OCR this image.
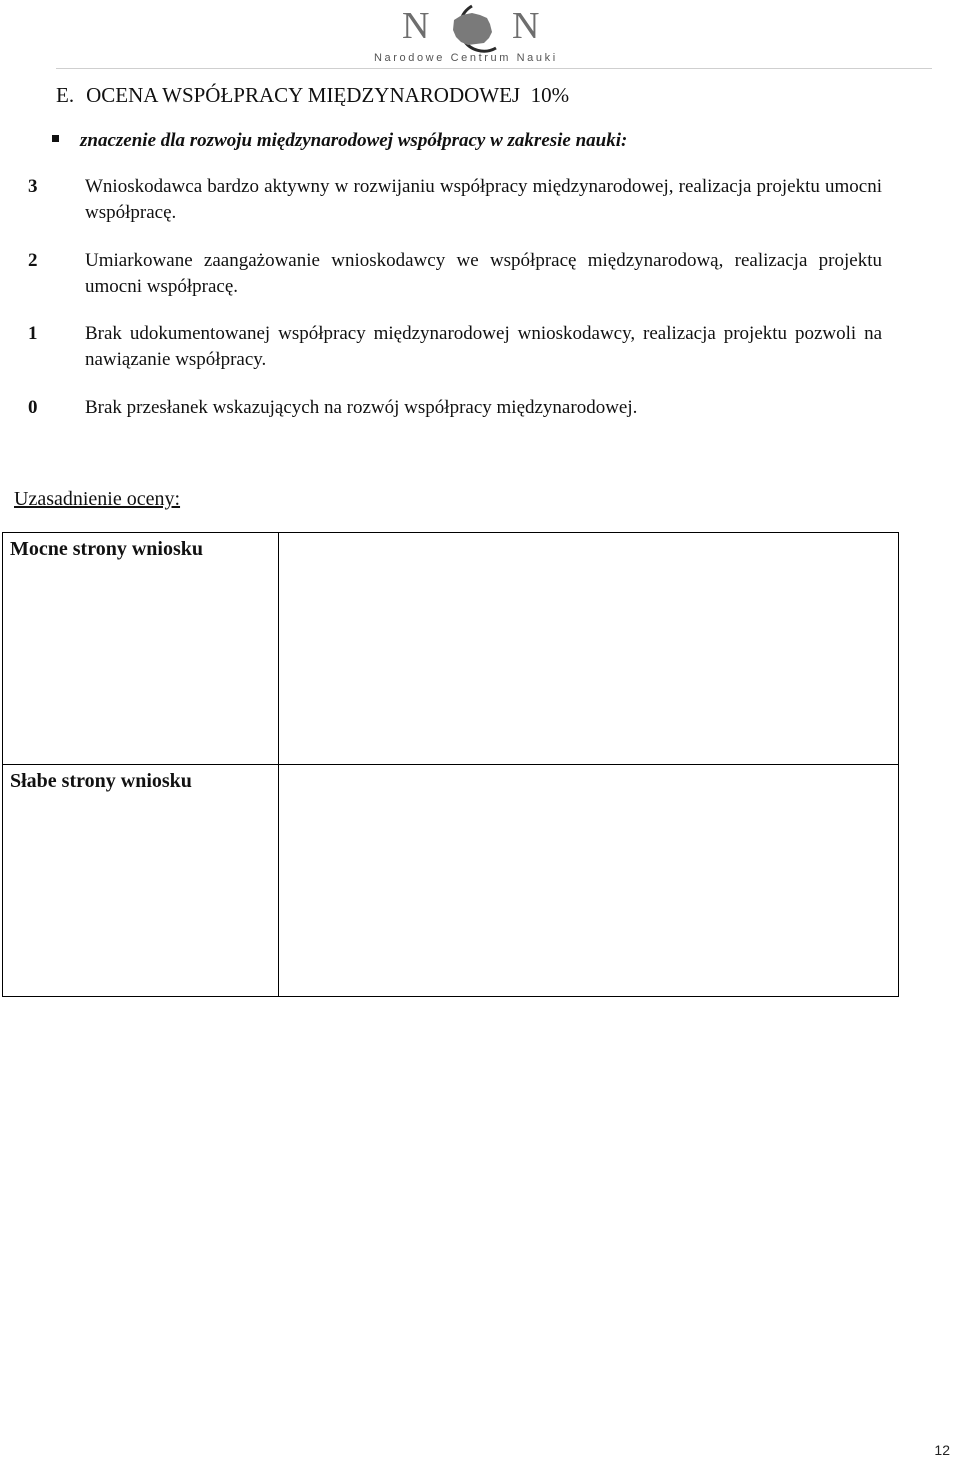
N N
Narodowe Centrum Nauki
E. OCENA WSPÓŁPRACY MIĘDZYNARODOWEJ 10%
znaczenie dla rozwoju międzynarodowej współpracy w zakresie nauki:
3	Wnioskodawca bardzo aktywny w rozwijaniu współpracy międzynarodowej, realizacja projektu umocni współpracę.
2	Umiarkowane zaangażowanie wnioskodawcy we współpracę międzynarodową, realizacja projektu umocni współpracę.
1	Brak udokumentowanej współpracy międzynarodowej wnioskodawcy, realizacja projektu pozwoli na nawiązanie współpracy.
0	Brak przesłanek wskazujących na rozwój współpracy międzynarodowej.
Uzasadnienie oceny:
Mocne strony wniosku	
Słabe strony wniosku	
12
